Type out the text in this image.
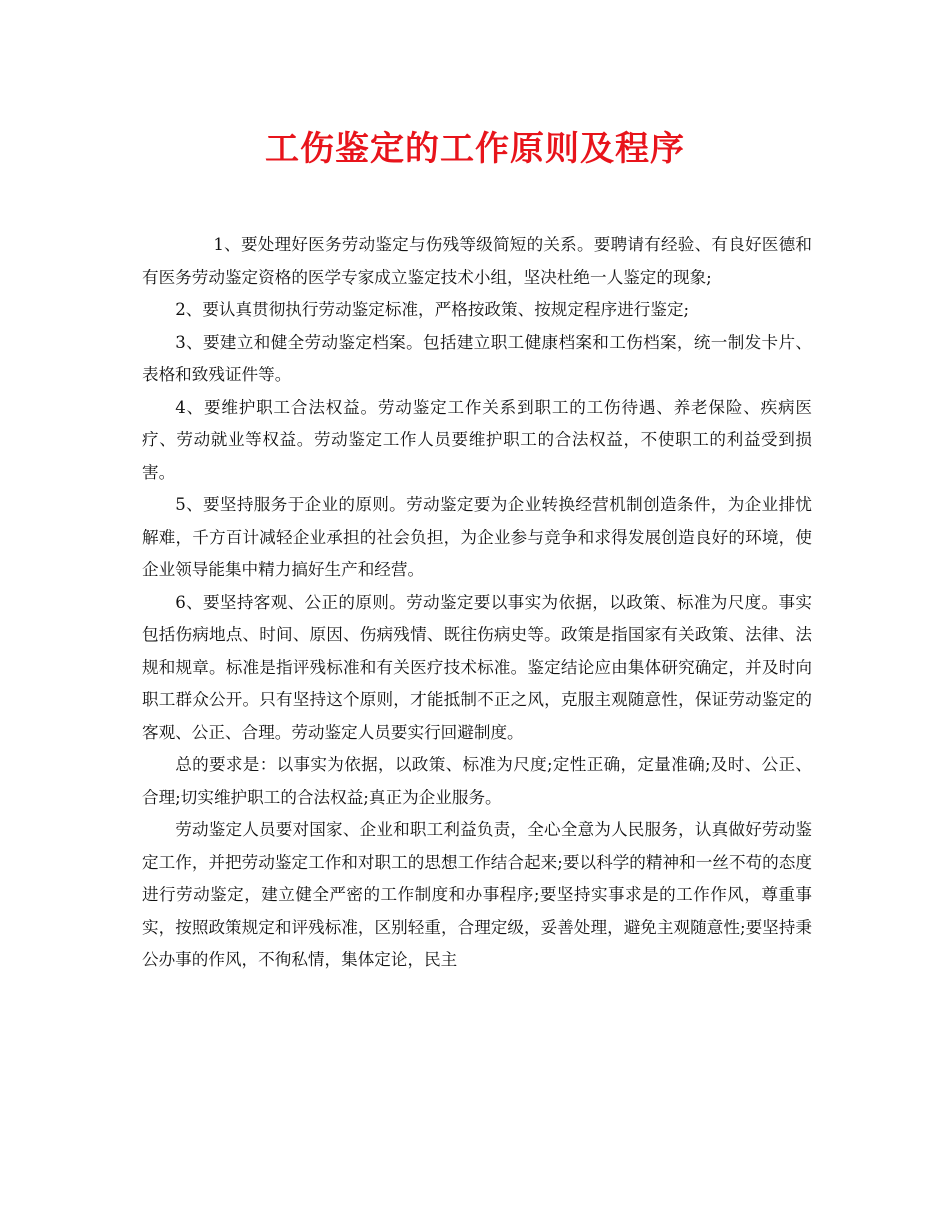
工伤鉴定的工作原则及程序

1、要处理好医务劳动鉴定与伤残等级简短的关系。要聘请有经验、有良好医德和有医务劳动鉴定资格的医学专家成立鉴定技术小组，坚决杜绝一人鉴定的现象;

2、要认真贯彻执行劳动鉴定标准，严格按政策、按规定程序进行鉴定;

3、要建立和健全劳动鉴定档案。包括建立职工健康档案和工伤档案，统一制发卡片、表格和致残证件等。

4、要维护职工合法权益。劳动鉴定工作关系到职工的工伤待遇、养老保险、疾病医疗、劳动就业等权益。劳动鉴定工作人员要维护职工的合法权益，不使职工的利益受到损害。

5、要坚持服务于企业的原则。劳动鉴定要为企业转换经营机制创造条件，为企业排忧解难，千方百计减轻企业承担的社会负担，为企业参与竞争和求得发展创造良好的环境，使企业领导能集中精力搞好生产和经营。

6、要坚持客观、公正的原则。劳动鉴定要以事实为依据，以政策、标准为尺度。事实包括伤病地点、时间、原因、伤病残情、既往伤病史等。政策是指国家有关政策、法律、法规和规章。标准是指评残标准和有关医疗技术标准。鉴定结论应由集体研究确定，并及时向职工群众公开。只有坚持这个原则，才能抵制不正之风，克服主观随意性，保证劳动鉴定的客观、公正、合理。劳动鉴定人员要实行回避制度。

总的要求是：以事实为依据，以政策、标准为尺度;定性正确，定量准确;及时、公正、合理;切实维护职工的合法权益;真正为企业服务。

劳动鉴定人员要对国家、企业和职工利益负责，全心全意为人民服务，认真做好劳动鉴定工作，并把劳动鉴定工作和对职工的思想工作结合起来;要以科学的精神和一丝不苟的态度进行劳动鉴定，建立健全严密的工作制度和办事程序;要坚持实事求是的工作作风，尊重事实，按照政策规定和评残标准，区别轻重，合理定级，妥善处理，避免主观随意性;要坚持秉公办事的作风，不徇私情，集体定论，民主
